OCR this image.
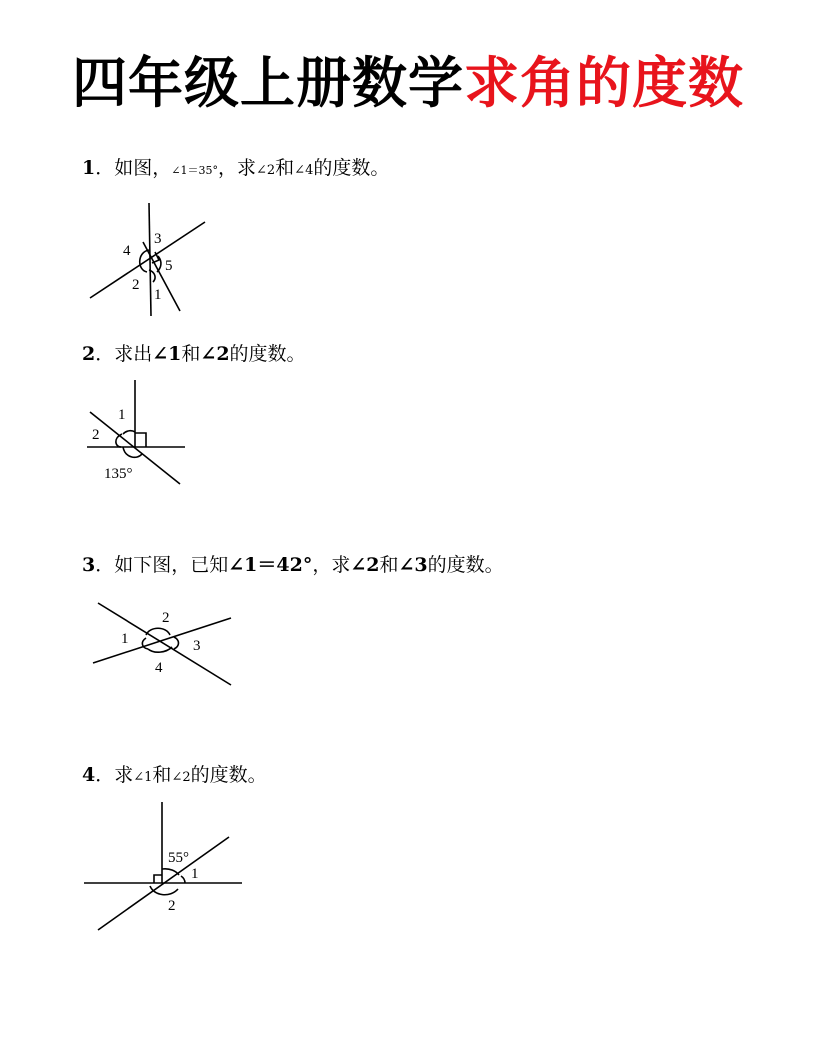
四年级上册数学求角的度数
1．如图，∠1＝35°，求∠2和∠4的度数。
3
4
5
2
1
2．求出∠1和∠2的度数。
1
2
135°
3．如下图，已知∠1＝42°，求∠2和∠3的度数。
2
1	3
4
4．求∠1和∠2的度数。
55°
1
2
